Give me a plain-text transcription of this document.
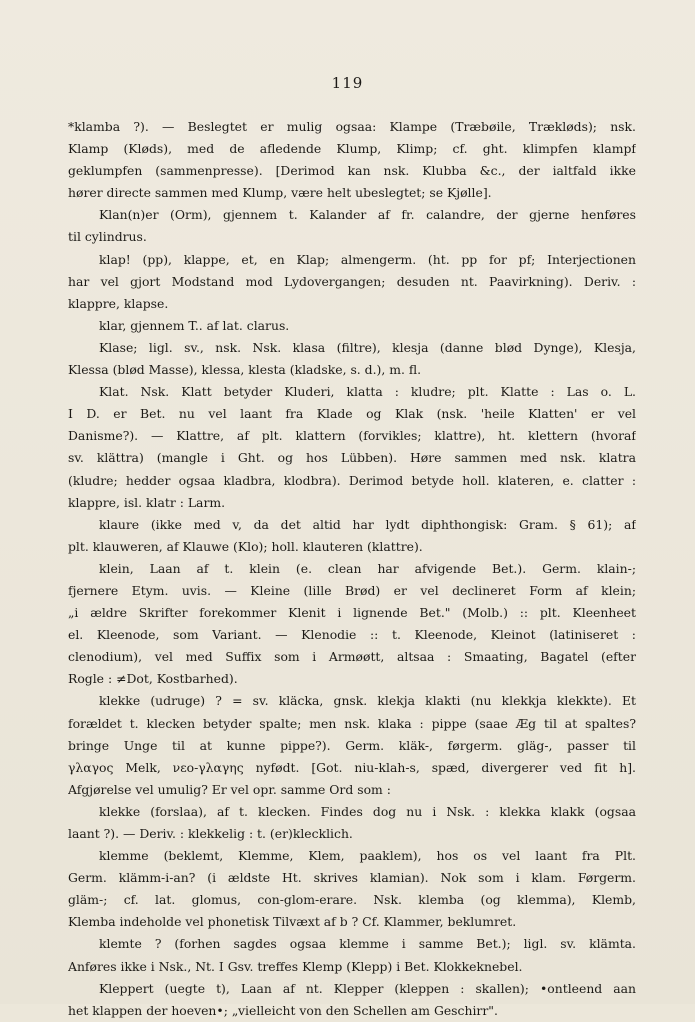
119
*klamba ?). — Beslegtet er mulig ogsaa: Klampe (Træbøile, Trækløds); nsk.
Klamp (Kløds), med de afledende Klump, Klimp; cf. ght. klimpfen klampf
geklumpfen (sammenpresse). [Derimod kan nsk. Klubba &c., der ialtfald ikke
hører directe sammen med Klump, være helt ubeslegtet; se Kjølle].
Klan(n)er (Orm), gjennem t. Kalander af fr. calandre, der gjerne henføres
til cylindrus.
klap! (pp), klappe, et, en Klap; almengerm. (ht. pp for pf; Interjectionen
har vel gjort Modstand mod Lydovergangen; desuden nt. Paavirkning). Deriv. :
klappre, klapse.
klar, gjennem T.. af lat. clarus.
Klase; ligl. sv., nsk. Nsk. klasa (filtre), klesja (danne blød Dynge), Klesja,
Klessa (blød Masse), klessa, klesta (kladske, s. d.), m. fl.
Klat. Nsk. Klatt betyder Kluderi, klatta : kludre; plt. Klatte : Las o. L.
I D. er Bet. nu vel laant fra Klade og Klak (nsk. 'heile Klatten' er vel
Danisme?). — Klattre, af plt. klattern (forvikles; klattre), ht. klettern (hvoraf
sv. klättra) (mangle i Ght. og hos Lübben). Høre sammen med nsk. klatra
(kludre; hedder ogsaa kladbra, klodbra). Derimod betyde holl. klateren, e. clatter :
klappre, isl. klatr : Larm.
klaure (ikke med v, da det altid har lydt diphthongisk: Gram. § 61); af
plt. klauweren, af Klauwe (Klo); holl. klauteren (klattre).
klein, Laan af t. klein (e. clean har afvigende Bet.). Germ. klain-;
fjernere Etym. uvis. — Kleine (lille Brød) er vel declineret Form af klein;
„i ældre Skrifter forekommer Klenit i lignende Bet." (Molb.) :: plt. Kleenheet
el. Kleenode, som Variant. — Klenodie :: t. Kleenode, Kleinot (latiniseret :
clenodium), vel med Suffix som i Armøøtt, altsaa : Smaating, Bagatel (efter
Rogle : ≠Dot, Kostbarhed).
klekke (udruge) ? = sv. kläcka, gnsk. klekja klakti (nu klekkja klekkte). Et
forældet t. klecken betyder spalte; men nsk. klaka : pippe (saae Æg til at spaltes?
bringe Unge til at kunne pippe?). Germ. kläk-, førgerm. gläg-, passer til
γλαγος Melk, νεο-γλαγης nyfødt. [Got. niu-klah-s, spæd, divergerer ved fit h].
Afgjørelse vel umulig? Er vel opr. samme Ord som :
klekke (forslaa), af t. klecken. Findes dog nu i Nsk. : klekka klakk (ogsaa
laant ?). — Deriv. : klekkelig : t. (er)klecklich.
klemme (beklemt, Klemme, Klem, paaklem), hos os vel laant fra Plt.
Germ. klämm-i-an? (i ældste Ht. skrives klamian). Nok som i klam. Førgerm.
gläm-; cf. lat. glomus, con-glom-erare. Nsk. klemba (og klemma), Klemb,
Klemba indeholde vel phonetisk Tilvæxt af b ? Cf. Klammer, beklumret.
klemte ? (forhen sagdes ogsaa klemme i samme Bet.); ligl. sv. klämta.
Anføres ikke i Nsk., Nt. I Gsv. treffes Klemp (Klepp) i Bet. Klokkeknebel.
Kleppert (uegte t), Laan af nt. Klepper (kleppen : skallen); •ontleend aan
het klappen der hoeven•; „vielleicht von den Schellen am Geschirr".
